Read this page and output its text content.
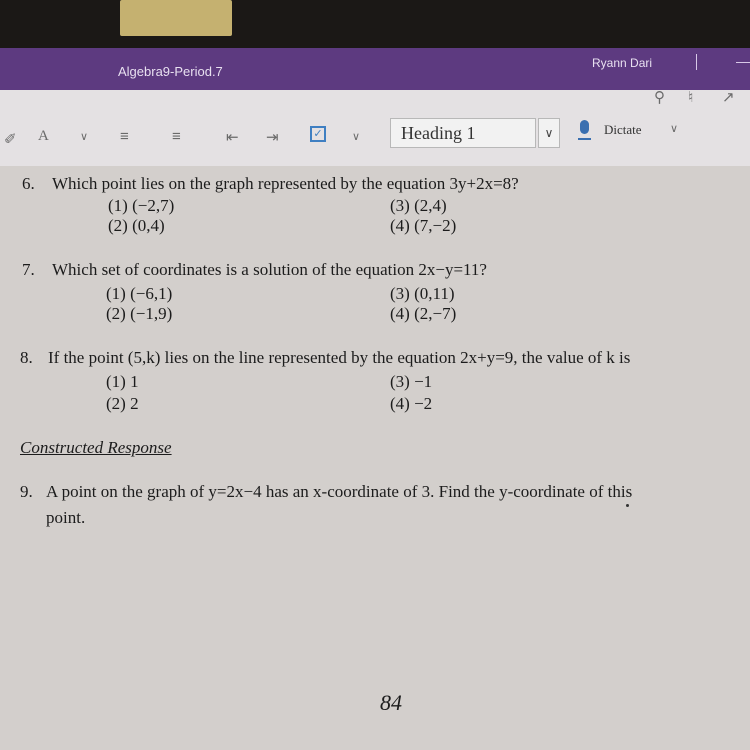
Algebra9-Period.7
Ryann Dari
⚲ ♮ ↗
✐ A	∨ ≡	≡	⇤ ⇥	∨
∨
✓	Heading 1	∨	Dictate
6. Which point lies on the graph represented by the equation 3y+2x=8?
(1) (−2,7)
(2) (0,4)
(3) (2,4)
(4) (7,−2)
7. Which set of coordinates is a solution of the equation 2x−y=11?
(1) (−6,1)
(2) (−1,9)
(3) (0,11)
(4) (2,−7)
8. If the point (5,k) lies on the line represented by the equation 2x+y=9, the value of k is
(1) 1
(2) 2
(3) −1
(4) −2
Constructed Response
9. A point on the graph of y=2x−4 has an x-coordinate of 3. Find the y-coordinate of this
point.
84
